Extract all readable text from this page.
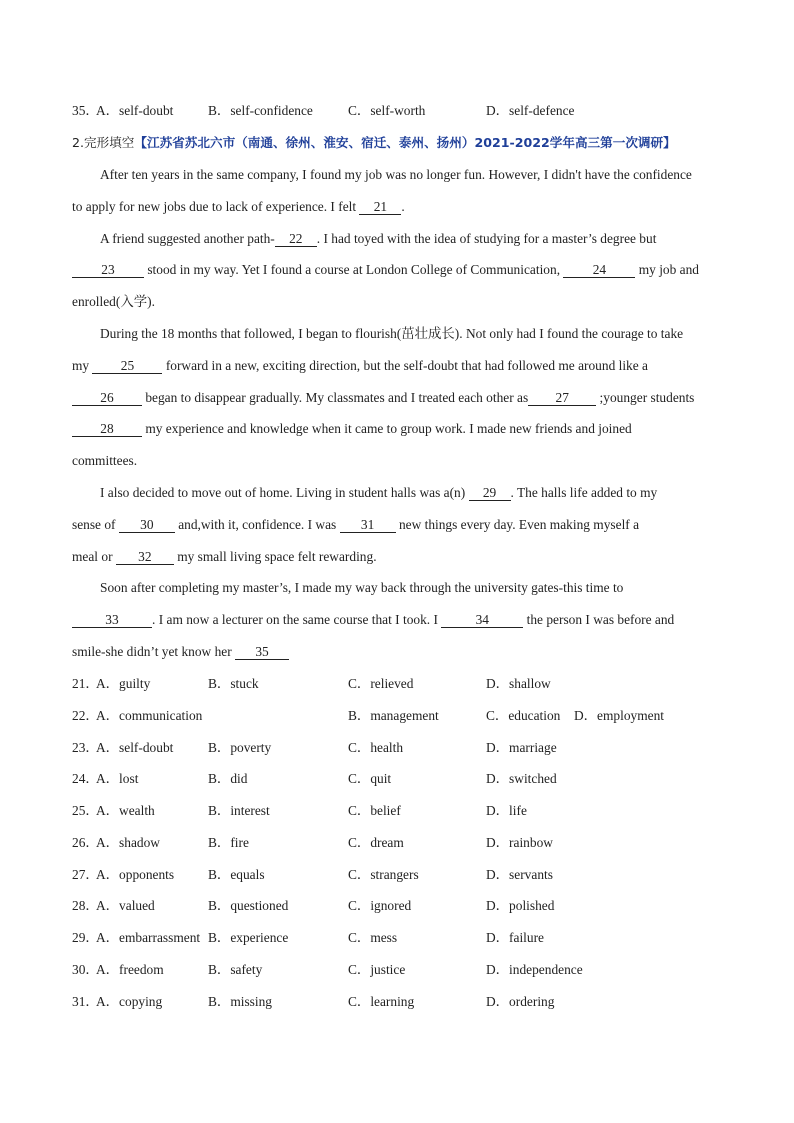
35．
A．self-doubt	B．self-confidence	C．self-worth	D．self-defence
2.完形填空【江苏省苏北六市（南通、徐州、淮安、宿迁、泰州、扬州）2021-2022学年高三第一次调研】
After ten years in the same company, I found my job was no longer fun. However, I didn't have the confidence
to apply for new jobs due to lack of experience. I felt 21 .
A friend suggested another path- 22 . I had toyed with the idea of studying for a master’s degree but
23 stood in my way. Yet I found a course at London College of Communication, 24 my job and
enrolled(入学).
During the 18 months that followed, I began to flourish(茁壮成长). Not only had I found the courage to take
my 25 forward in a new, exciting direction, but the self-doubt that had followed me around like a
26 began to disappear gradually. My classmates and I treated each other as 27 ;younger students
28 my experience and knowledge when it came to group work. I made new friends and joined
committees.
I also decided to move out of home. Living in student halls was a(n) 29 . The halls life added to my
sense of 30 and,with it, confidence. I was 31 new things every day. Even making myself a
meal or 32 my small living space felt rewarding.
Soon after completing my master’s, I made my way back through the university gates-this time to
33 . I am now a lecturer on the same course that I took. I	34	the person I was before and
smile-she didn’t yet know her 35
21．
A．guilty	B．stuck	C．relieved	D．shallow
22．
A．communication	B．management	C．education D．employment
23．
A．self-doubt	B．poverty	C．health	D．marriage
24．
A．lost	B．did	C．quit	D．switched
25．
A．wealth	B．interest	C．belief	D．life
26．
A．shadow	B．fire	C．dream	D．rainbow
27．
A．opponents	B．equals	C．strangers	D．servants
28．
A．valued	B．questioned	C．ignored	D．polished
29．
A．embarrassment B．experience	C．mess	D．failure
30．
A．freedom	B．safety	C．justice	D．independence
31．
A．copying	B．missing	C．learning	D．ordering
